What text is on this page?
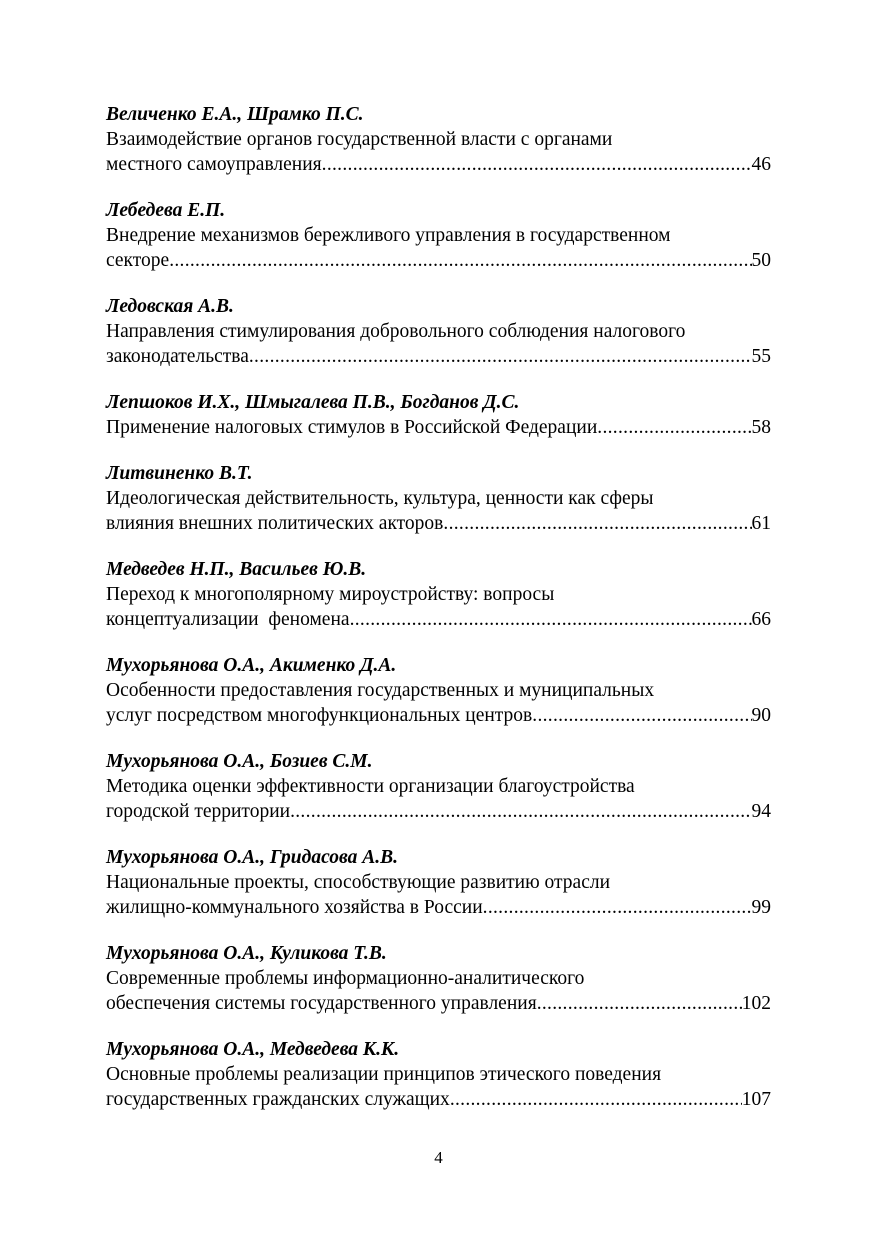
Величенко Е.А., Шрамко П.С.
Взаимодействие органов государственной власти с органами
местного самоуправления .....	46
Лебедева Е.П.
Внедрение механизмов бережливого управления в государственном
секторе .....	50
Ледовская А.В.
Направления стимулирования добровольного соблюдения налогового
законодательства .....	55
Лепшоков И.Х., Шмыгалева П.В., Богданов Д.С.
Применение налоговых стимулов в Российской Федерации .....	58
Литвиненко В.Т.
Идеологическая действительность, культура, ценности как сферы
влияния внешних политических акторов .....	61
Медведев Н.П., Васильев Ю.В.
Переход к многополярному мироустройству: вопросы
концептуализации  феномена .....	66
Мухорьянова О.А., Акименко Д.А.
Особенности предоставления государственных и муниципальных
услуг посредством многофункциональных центров .....	90
Мухорьянова О.А., Бозиев С.М.
Методика оценки эффективности организации благоустройства
городской территории .....	94
Мухорьянова О.А., Гридасова А.В.
Национальные проекты, способствующие развитию отрасли
жилищно-коммунального хозяйства в России .....	99
Мухорьянова О.А., Куликова Т.В.
Современные проблемы информационно-аналитического
обеспечения системы государственного управления .....	102
Мухорьянова О.А., Медведева К.К.
Основные проблемы реализации принципов этического поведения
государственных гражданских служащих .....	107
4
